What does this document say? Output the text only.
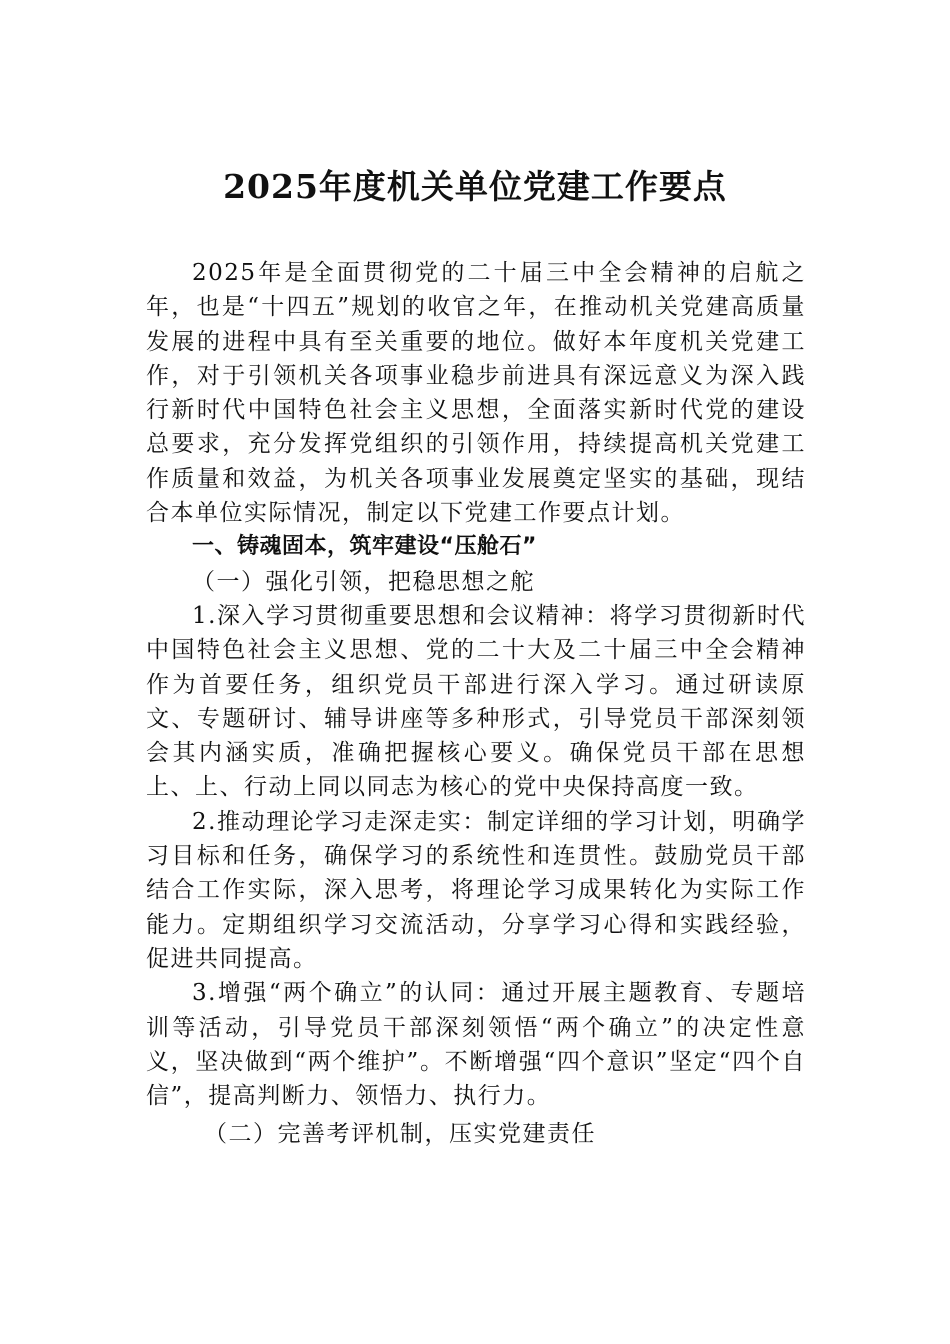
2025年度机关单位党建工作要点

2025年是全面贯彻党的二十届三中全会精神的启航之年，也是“十四五”规划的收官之年，在推动机关党建高质量发展的进程中具有至关重要的地位。做好本年度机关党建工作，对于引领机关各项事业稳步前进具有深远意义为深入践行新时代中国特色社会主义思想，全面落实新时代党的建设总要求，充分发挥党组织的引领作用，持续提高机关党建工作质量和效益，为机关各项事业发展奠定坚实的基础，现结合本单位实际情况，制定以下党建工作要点计划。

一、铸魂固本，筑牢建设“压舱石”

（一）强化引领，把稳思想之舵

1.深入学习贯彻重要思想和会议精神：将学习贯彻新时代中国特色社会主义思想、党的二十大及二十届三中全会精神作为首要任务，组织党员干部进行深入学习。通过研读原文、专题研讨、辅导讲座等多种形式，引导党员干部深刻领会其内涵实质，准确把握核心要义。确保党员干部在思想上、上、行动上同以同志为核心的党中央保持高度一致。

2.推动理论学习走深走实：制定详细的学习计划，明确学习目标和任务，确保学习的系统性和连贯性。鼓励党员干部结合工作实际，深入思考，将理论学习成果转化为实际工作能力。定期组织学习交流活动，分享学习心得和实践经验，促进共同提高。

3.增强“两个确立”的认同：通过开展主题教育、专题培训等活动，引导党员干部深刻领悟“两个确立”的决定性意义，坚决做到“两个维护”。不断增强“四个意识”坚定“四个自信”，提高判断力、领悟力、执行力。

（二）完善考评机制，压实党建责任
